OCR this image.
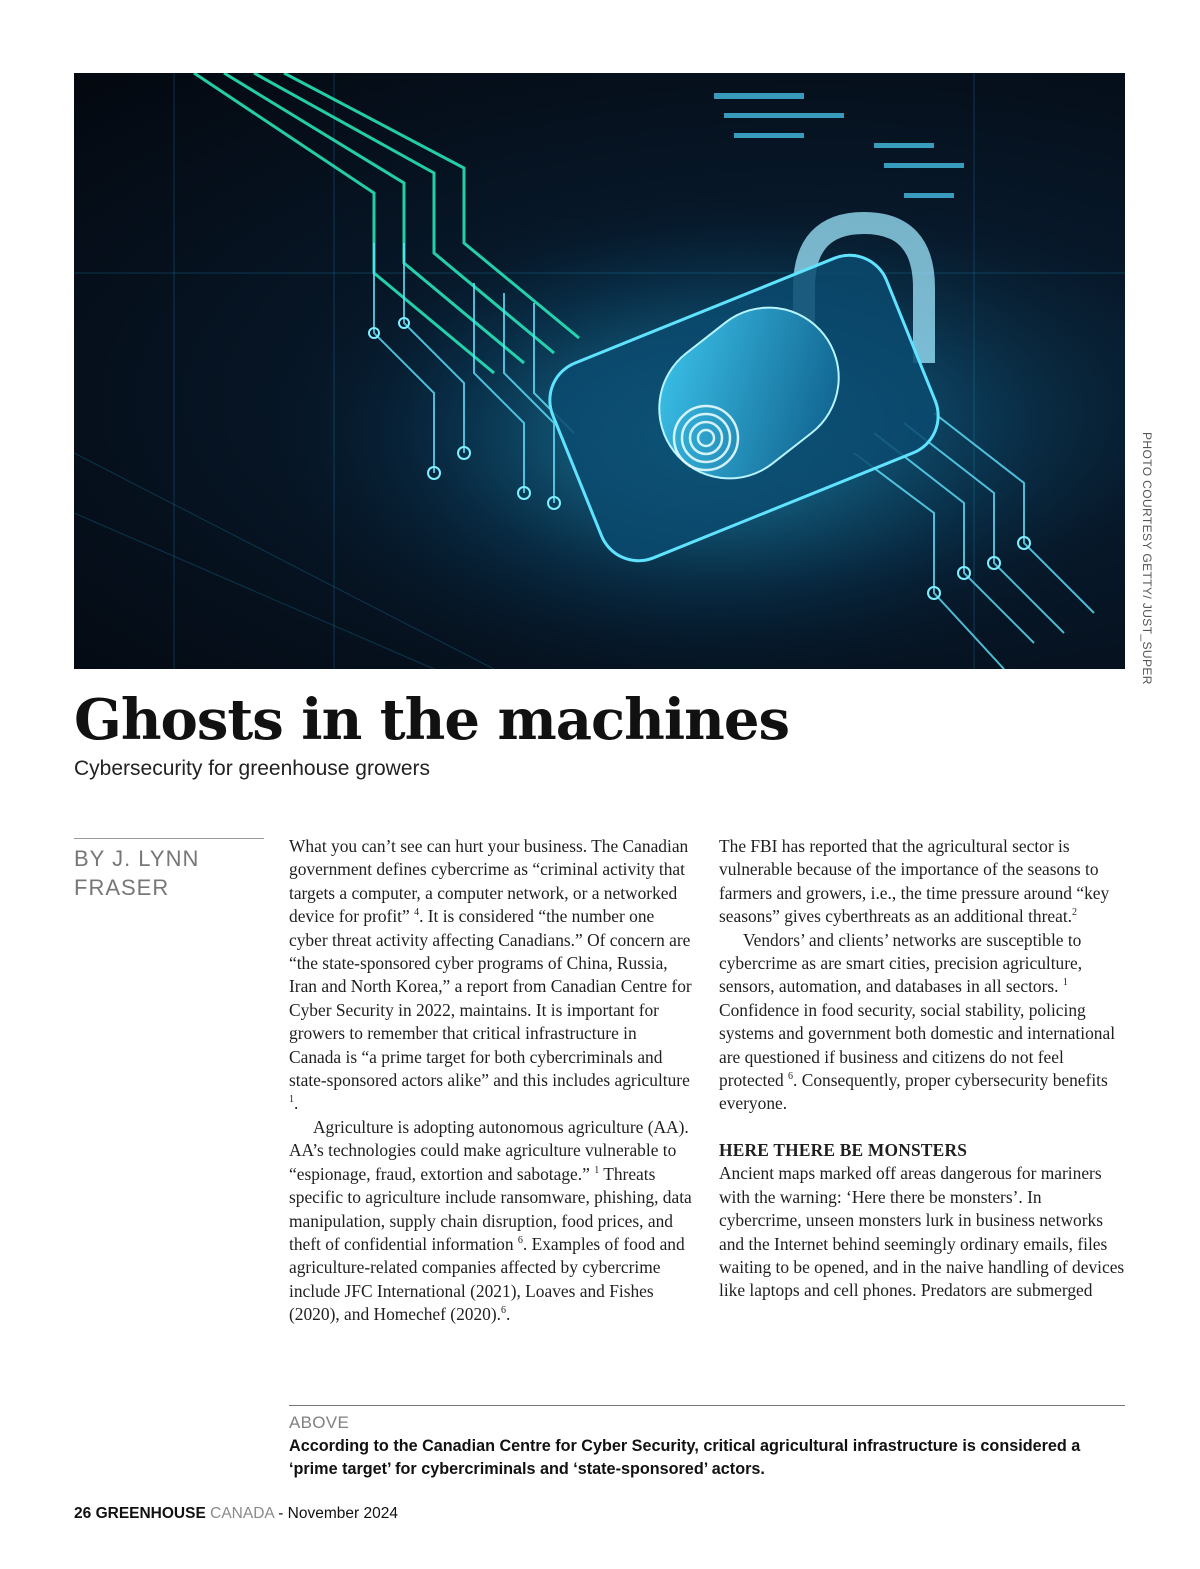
PHOTO COURTESY GETTY/ JUST_SUPER
Ghosts in the machines
Cybersecurity for greenhouse growers
BY J. LYNN FRASER

What you can’t see can hurt your business. The Canadian government defines cybercrime as “criminal activity that targets a computer, a computer network, or a networked device for profit” $^4$. It is considered “the number one cyber threat activity affecting Canadians.” Of concern are “the state-sponsored cyber programs of China, Russia, Iran and North Korea,” a report from Canadian Centre for Cyber Security in 2022, maintains. It is important for growers to remember that critical infrastructure in Canada is “a prime target for both cybercriminals and state-sponsored actors alike” and this includes agriculture $^1$.

Agriculture is adopting autonomous agriculture (AA). AA’s technologies could make agriculture vulnerable to “espionage, fraud, extortion and sabotage.” $^1$ Threats specific to agriculture include ransomware, phishing, data manipulation, supply chain disruption, food prices, and theft of confidential information $^6$. Examples of food and agriculture-related companies affected by cybercrime include JFC International (2021), Loaves and Fishes (2020), and Homechef (2020).$^6$.

The FBI has reported that the agricultural sector is vulnerable because of the importance of the seasons to farmers and growers, i.e., the time pressure around “key seasons” gives cyberthreats as an additional threat.$^2$

Vendors’ and clients’ networks are susceptible to cybercrime as are smart cities, precision agriculture, sensors, automation, and databases in all sectors. $^1$ Confidence in food security, social stability, policing systems and government both domestic and international are questioned if business and citizens do not feel protected $^6$. Consequently, proper cybersecurity benefits everyone.

HERE THERE BE MONSTERS

Ancient maps marked off areas dangerous for mariners with the warning: ‘Here there be monsters’. In cybercrime, unseen monsters lurk in business networks and the Internet behind seemingly ordinary emails, files waiting to be opened, and in the naive handling of devices like laptops and cell phones. Predators are submerged

ABOVE
According to the Canadian Centre for Cyber Security, critical agricultural infrastructure is considered a ‘prime target’ for cybercriminals and ‘state-sponsored’ actors.
26 GREENHOUSE CANADA - November 2024
